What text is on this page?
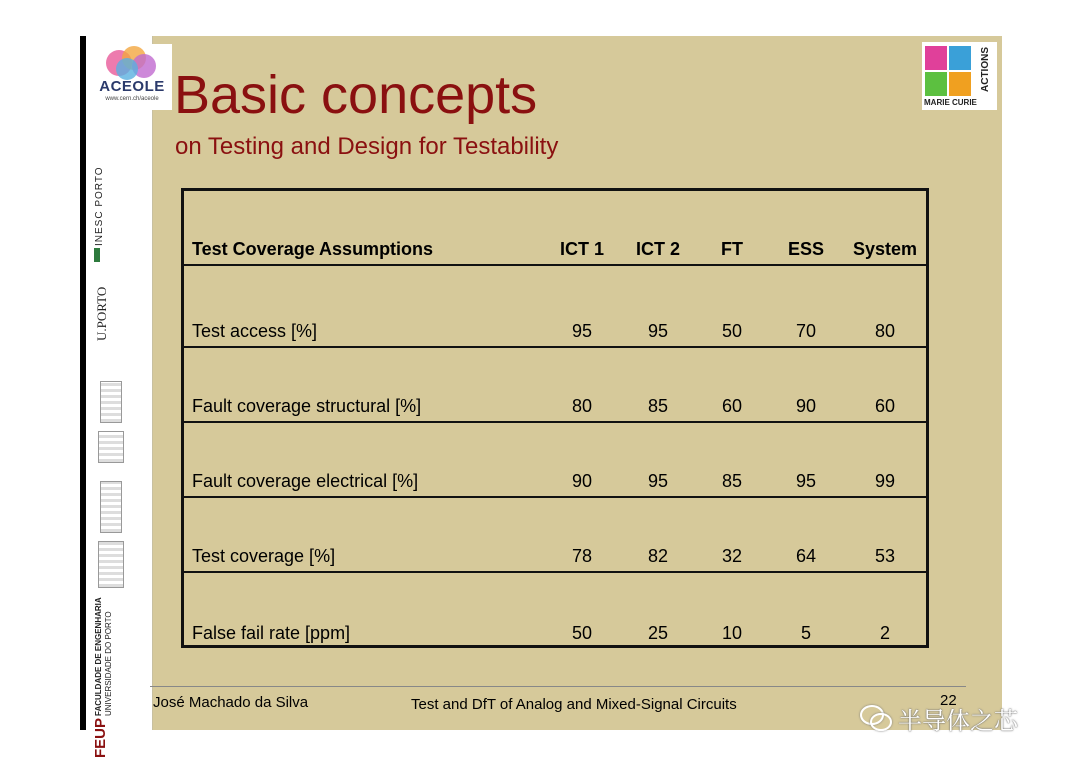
INESC PORTO
U.PORTO
FACULDADE DE ENGENHARIA UNIVERSIDADE DO PORTO
FEUP
ACEOLE
www.cern.ch/aceole Basic concepts
on Testing and Design for Testability
MARIE CURIE
ACTIONS
Test Coverage Assumptions	ICT 1	ICT 2	FT	ESS	System
Test access [%]	95	95	50	70	80
Fault coverage structural [%]	80	85	60	90	60
Fault coverage electrical [%]	90	95	85	95	99
Test coverage [%]	78	82	32	64	53
False fail rate [ppm]	50	25	10	5	2
José Machado da Silva	Test and DfT of Analog and Mixed-Signal Circuits	22
半导体之芯
